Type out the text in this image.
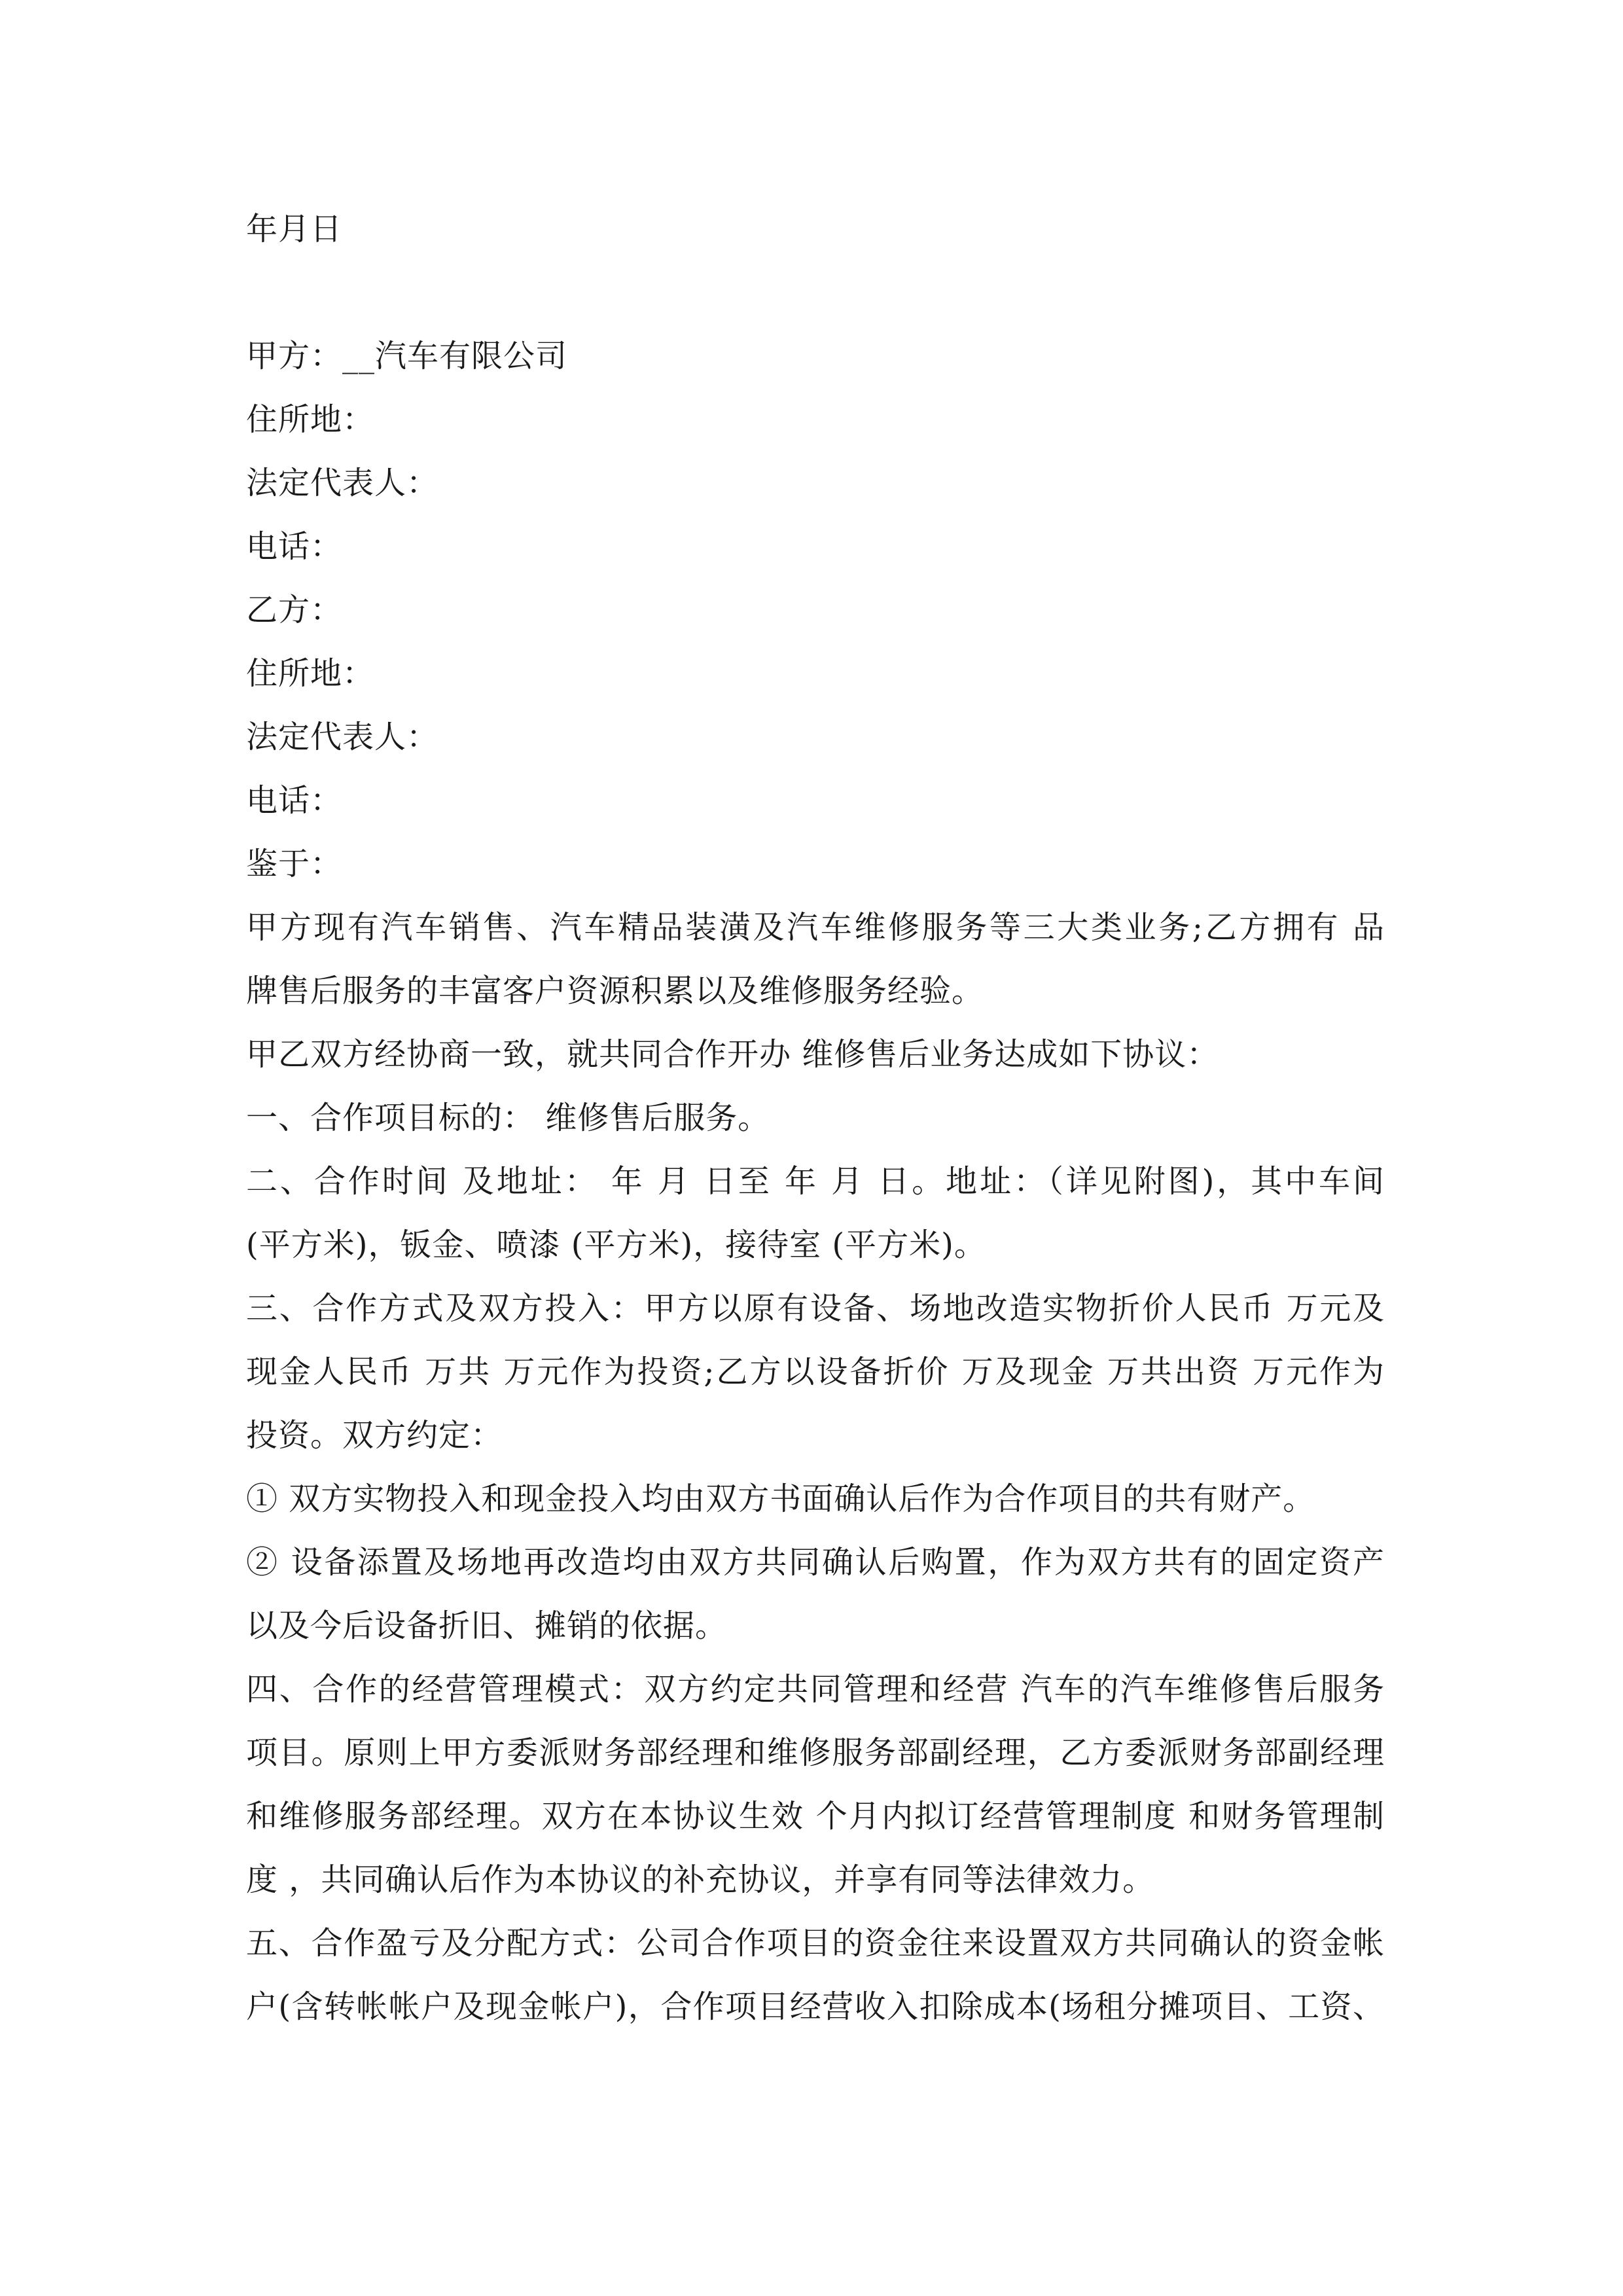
年月日
甲方：__汽车有限公司
住所地：
法定代表人：
电话：
乙方：
住所地：
法定代表人：
电话：
鉴于：
甲方现有汽车销售、汽车精品装潢及汽车维修服务等三大类业务;乙方拥有 品
牌售后服务的丰富客户资源积累以及维修服务经验。
甲乙双方经协商一致，就共同合作开办 维修售后业务达成如下协议：
一、合作项目标的： 维修售后服务。
二、合作时间 及地址： 年 月 日至 年 月 日。地址：（详见附图)，其中车间
(平方米)，钣金、喷漆 (平方米)，接待室 (平方米)。
三、合作方式及双方投入：甲方以原有设备、场地改造实物折价人民币 万元及
现金人民币 万共 万元作为投资;乙方以设备折价 万及现金 万共出资 万元作为
投资。双方约定：
① 双方实物投入和现金投入均由双方书面确认后作为合作项目的共有财产。
② 设备添置及场地再改造均由双方共同确认后购置，作为双方共有的固定资产
以及今后设备折旧、摊销的依据。
四、合作的经营管理模式：双方约定共同管理和经营 汽车的汽车维修售后服务
项目。原则上甲方委派财务部经理和维修服务部副经理，乙方委派财务部副经理
和维修服务部经理。双方在本协议生效 个月内拟订经营管理制度 和财务管理制
度 ，共同确认后作为本协议的补充协议，并享有同等法律效力。
五、合作盈亏及分配方式：公司合作项目的资金往来设置双方共同确认的资金帐
户(含转帐帐户及现金帐户)，合作项目经营收入扣除成本(场租分摊项目、工资、
